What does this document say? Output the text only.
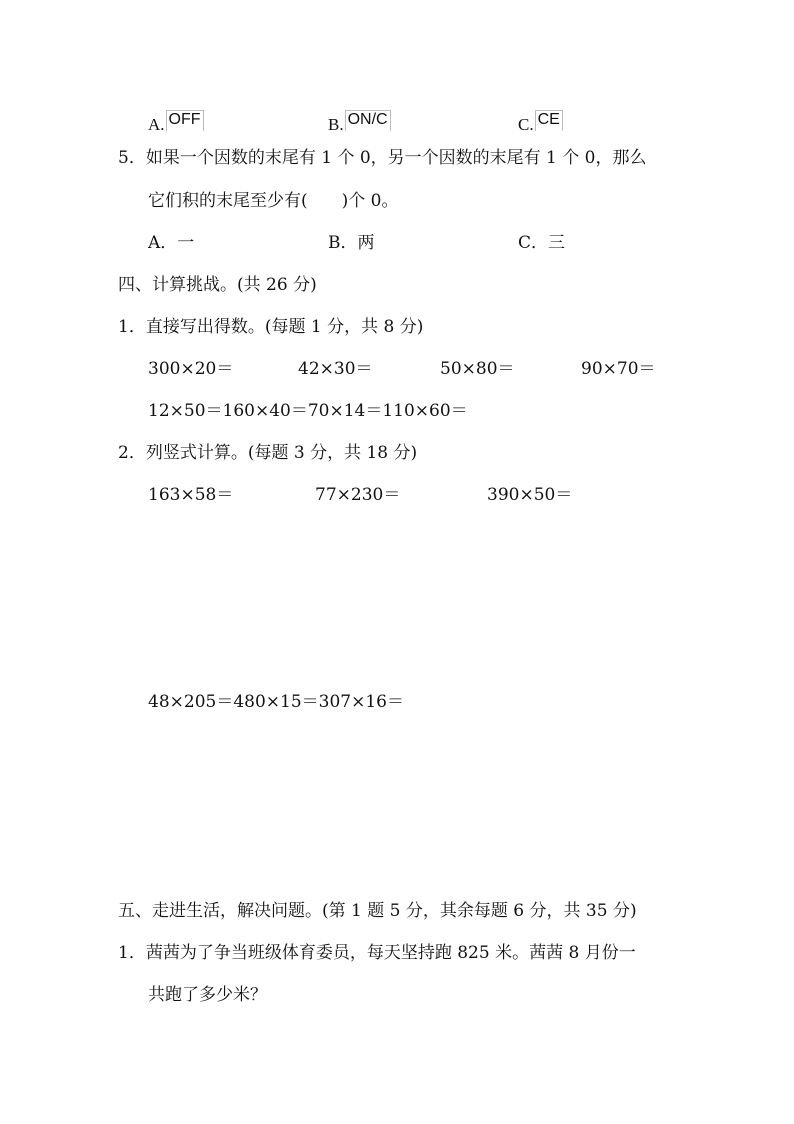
A. OFF	B. ON/C	C. CE
5．如果一个因数的末尾有 1 个 0，另一个因数的末尾有 1 个 0，那么
它们积的末尾至少有(　　)个 0。
A．一	B．两	C．三
四、计算挑战。(共 26 分)
1．直接写出得数。(每题 1 分，共 8 分)
300×20＝	42×30＝	50×80＝	90×70＝
12×50＝160×40＝70×14＝110×60＝
2．列竖式计算。(每题 3 分，共 18 分)
163×58＝	77×230＝	390×50＝
48×205＝480×15＝307×16＝
五、走进生活，解决问题。(第 1 题 5 分，其余每题 6 分，共 35 分)
1．茜茜为了争当班级体育委员，每天坚持跑 825 米。茜茜 8 月份一
共跑了多少米？
